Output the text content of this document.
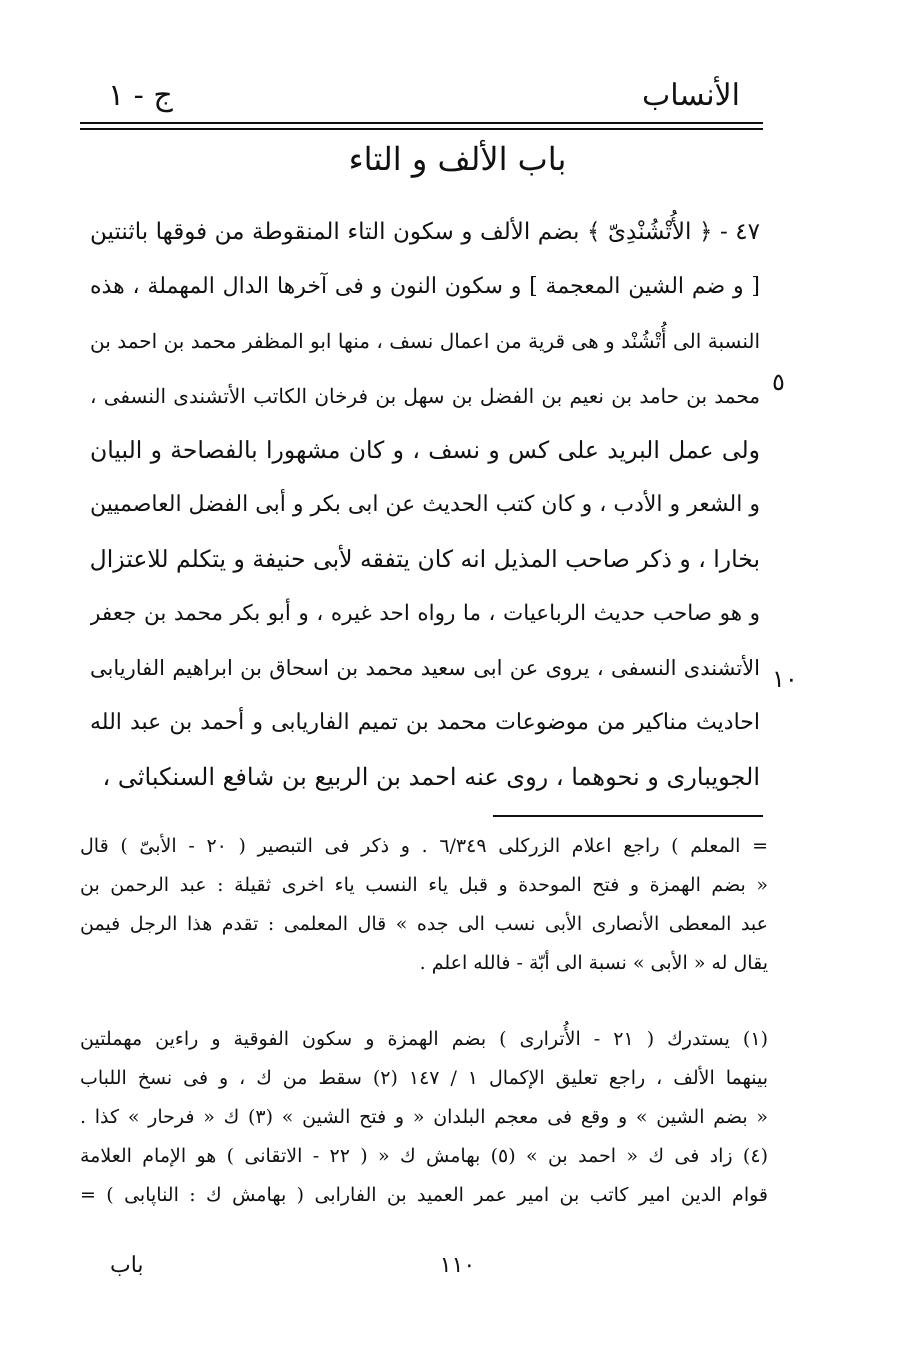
ج - ١	الأنساب
باب الألف و التاء
٤٧ - ﴿ الأُتْشُنْدِىّ ﴾ بضم الألف و سكون التاء المنقوطة من فوقها باثنتين
[ و ضم الشين المعجمة ] و سكون النون و فى آخرها الدال المهملة ، هذه
النسبة الى أُتْشُنْد و هى قرية من اعمال نسف ، منها ابو المظفر محمد بن احمد بن
محمد بن حامد بن نعيم بن الفضل بن سهل بن فرخان الكاتب الأتشندى النسفى ،
ولى عمل البريد على كس و نسف ، و كان مشهورا بالفصاحة و البيان
و الشعر و الأدب ، و كان كتب الحديث عن ابى بكر و أبى الفضل العاصميين
بخارا ، و ذكر صاحب المذيل انه كان يتفقه لأبى حنيفة و يتكلم للاعتزال
و هو صاحب حديث الرباعيات ، ما رواه احد غيره ، و أبو بكر محمد بن جعفر
الأتشندى النسفى ، يروى عن ابى سعيد محمد بن اسحاق بن ابراهيم الفاريابى
احاديث مناكير من موضوعات محمد بن تميم الفاريابى و أحمد بن عبد الله
الجويبارى و نحوهما ، روى عنه احمد بن الربيع بن شافع السنكباثى ،
٥
١٠
= المعلم ) راجع اعلام الزركلى ٦/٣٤٩ . و ذكر فى التبصير ( ٢٠ - الأبىّ ) قال
« بضم الهمزة و فتح الموحدة و قبل ياء النسب ياء اخرى ثقيلة : عبد الرحمن بن
عبد المعطى الأنصارى الأبى نسب الى جده » قال المعلمى : تقدم هذا الرجل فيمن
يقال له « الأبى » نسبة الى أبّة - فالله اعلم .
(١) يستدرك ( ٢١ - الأُترارى ) بضم الهمزة و سكون الفوقية و راءين مهملتين
بينهما الألف ، راجع تعليق الإكمال ١ / ١٤٧ (٢) سقط من ك ، و فى نسخ اللباب
« بضم الشين » و وقع فى معجم البلدان « و فتح الشين » (٣) ك « فرحار » كذا .
(٤) زاد فى ك « احمد بن » (٥) بهامش ك « ( ٢٢ - الاتقانى ) هو الإمام العلامة
قوام الدين امير كاتب بن امير عمر العميد بن الفارابى ( بهامش ك : الناپابى ) =
١١٠
باب
